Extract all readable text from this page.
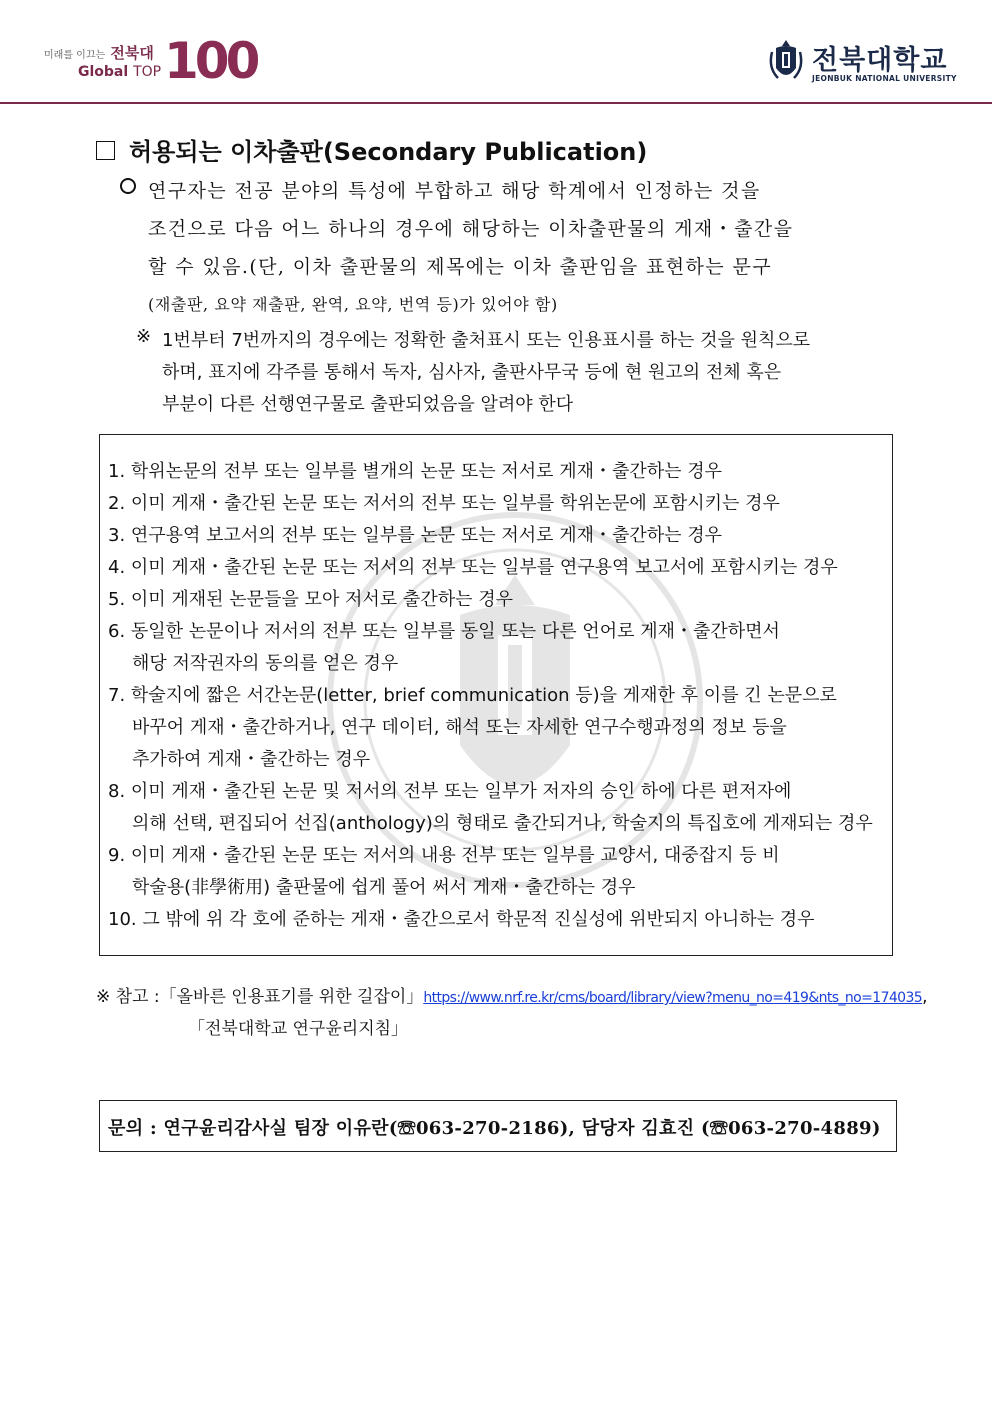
미래를 이끄는 전북대
Global TOP 100	전북대학교
JEONBUK NATIONAL UNIVERSITY
허용되는 이차출판(Secondary Publication)
연구자는 전공 분야의 특성에 부합하고 해당 학계에서 인정하는 것을
조건으로 다음 어느 하나의 경우에 해당하는 이차출판물의 게재・출간을
할 수 있음.(단, 이차 출판물의 제목에는 이차 출판임을 표현하는 문구
(재출판, 요약 재출판, 완역, 요약, 번역 등)가 있어야 함)
※ 1번부터 7번까지의 경우에는 정확한 출처표시 또는 인용표시를 하는 것을 원칙으로
하며, 표지에 각주를 통해서 독자, 심사자, 출판사무국 등에 현 원고의 전체 혹은
부분이 다른 선행연구물로 출판되었음을 알려야 한다
1. 학위논문의 전부 또는 일부를 별개의 논문 또는 저서로 게재・출간하는 경우
2. 이미 게재・출간된 논문 또는 저서의 전부 또는 일부를 학위논문에 포함시키는 경우
3. 연구용역 보고서의 전부 또는 일부를 논문 또는 저서로 게재・출간하는 경우
4. 이미 게재・출간된 논문 또는 저서의 전부 또는 일부를 연구용역 보고서에 포함시키는 경우
5. 이미 게재된 논문들을 모아 저서로 출간하는 경우
6. 동일한 논문이나 저서의 전부 또는 일부를 동일 또는 다른 언어로 게재・출간하면서
해당 저작권자의 동의를 얻은 경우
7. 학술지에 짧은 서간논문(letter, brief communication 등)을 게재한 후 이를 긴 논문으로
바꾸어 게재・출간하거나, 연구 데이터, 해석 또는 자세한 연구수행과정의 정보 등을
추가하여 게재・출간하는 경우
8. 이미 게재・출간된 논문 및 저서의 전부 또는 일부가 저자의 승인 하에 다른 편저자에
의해 선택, 편집되어 선집(anthology)의 형태로 출간되거나, 학술지의 특집호에 게재되는 경우
9. 이미 게재・출간된 논문 또는 저서의 내용 전부 또는 일부를 교양서, 대중잡지 등 비
학술용(非學術用) 출판물에 쉽게 풀어 써서 게재・출간하는 경우
10. 그 밖에 위 각 호에 준하는 게재・출간으로서 학문적 진실성에 위반되지 아니하는 경우
※ 참고 :「올바른 인용표기를 위한 길잡이」https://www.nrf.re.kr/cms/board/library/view?menu_no=419&nts_no=174035,
「전북대학교 연구윤리지침」
문의 : 연구윤리감사실 팀장 이유란(☏063-270-2186), 담당자 김효진 (☏063-270-4889)
